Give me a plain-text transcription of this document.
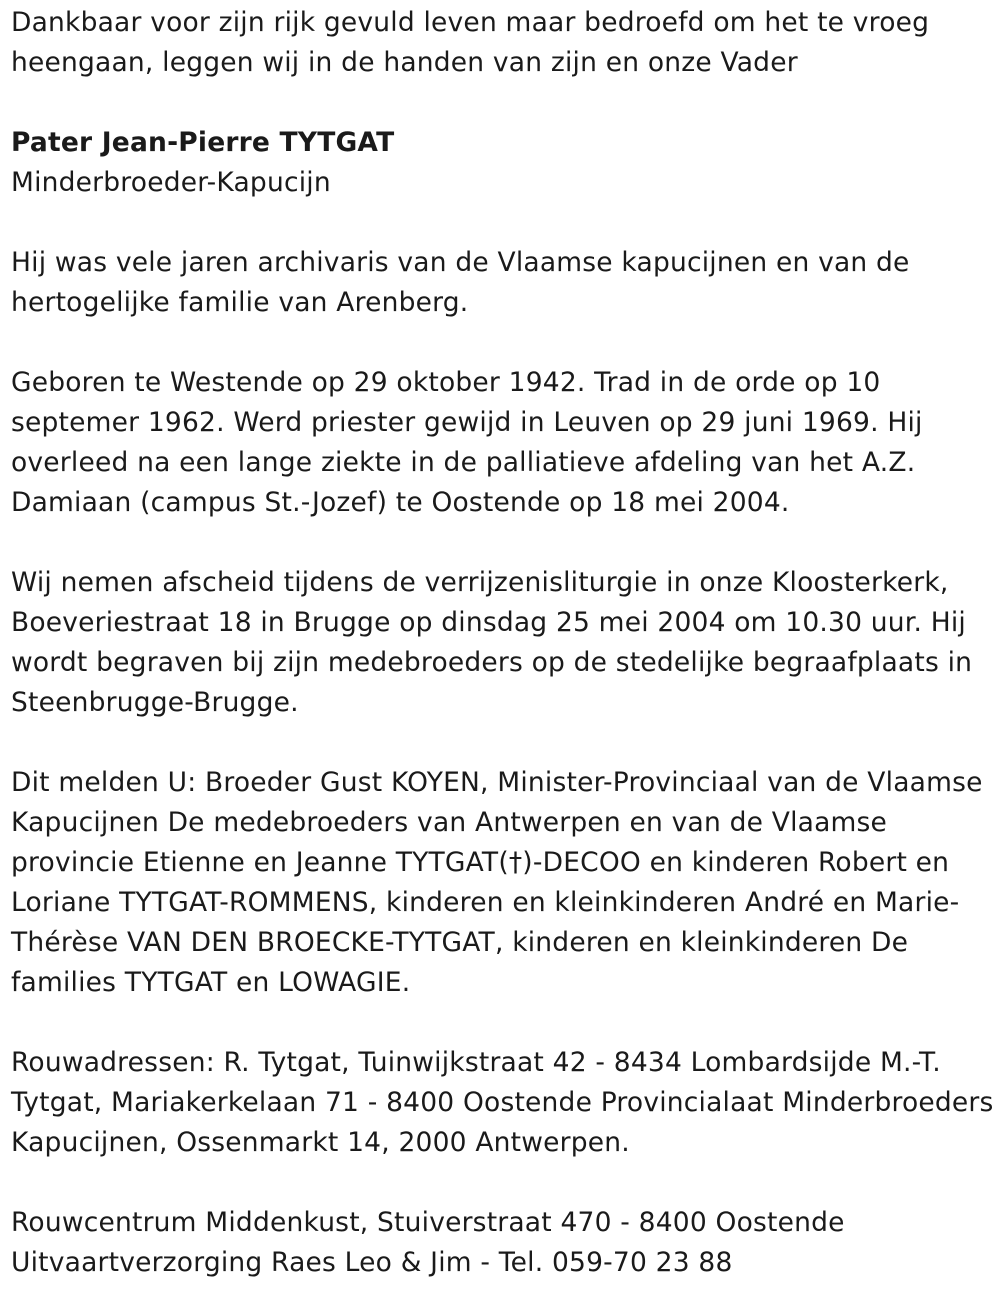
Dankbaar voor zijn rijk gevuld leven maar bedroefd om het te vroeg
heengaan, leggen wij in de handen van zijn en onze Vader

Pater Jean-Pierre TYTGAT

Minderbroeder-Kapucijn

Hij was vele jaren archivaris van de Vlaamse kapucijnen en van de
hertogelijke familie van Arenberg.

Geboren te Westende op 29 oktober 1942. Trad in de orde op 10
septemer 1962. Werd priester gewijd in Leuven op 29 juni 1969. Hij
overleed na een lange ziekte in de palliatieve afdeling van het A.Z.
Damiaan (campus St.-Jozef) te Oostende op 18 mei 2004.

Wij nemen afscheid tijdens de verrijzenisliturgie in onze Kloosterkerk,
Boeveriestraat 18 in Brugge op dinsdag 25 mei 2004 om 10.30 uur. Hij
wordt begraven bij zijn medebroeders op de stedelijke begraafplaats in
Steenbrugge-Brugge.

Dit melden U: Broeder Gust KOYEN, Minister-Provinciaal van de Vlaamse
Kapucijnen De medebroeders van Antwerpen en van de Vlaamse
provincie Etienne en Jeanne TYTGAT(†)-DECOO en kinderen Robert en
Loriane TYTGAT-ROMMENS, kinderen en kleinkinderen André en Marie-
Thérèse VAN DEN BROECKE-TYTGAT, kinderen en kleinkinderen De
families TYTGAT en LOWAGIE.

Rouwadressen: R. Tytgat, Tuinwijkstraat 42 - 8434 Lombardsijde M.-T.
Tytgat, Mariakerkelaan 71 - 8400 Oostende Provincialaat Minderbroeders
Kapucijnen, Ossenmarkt 14, 2000 Antwerpen.

Rouwcentrum Middenkust, Stuiverstraat 470 - 8400 Oostende
Uitvaartverzorging Raes Leo & Jim - Tel. 059-70 23 88
